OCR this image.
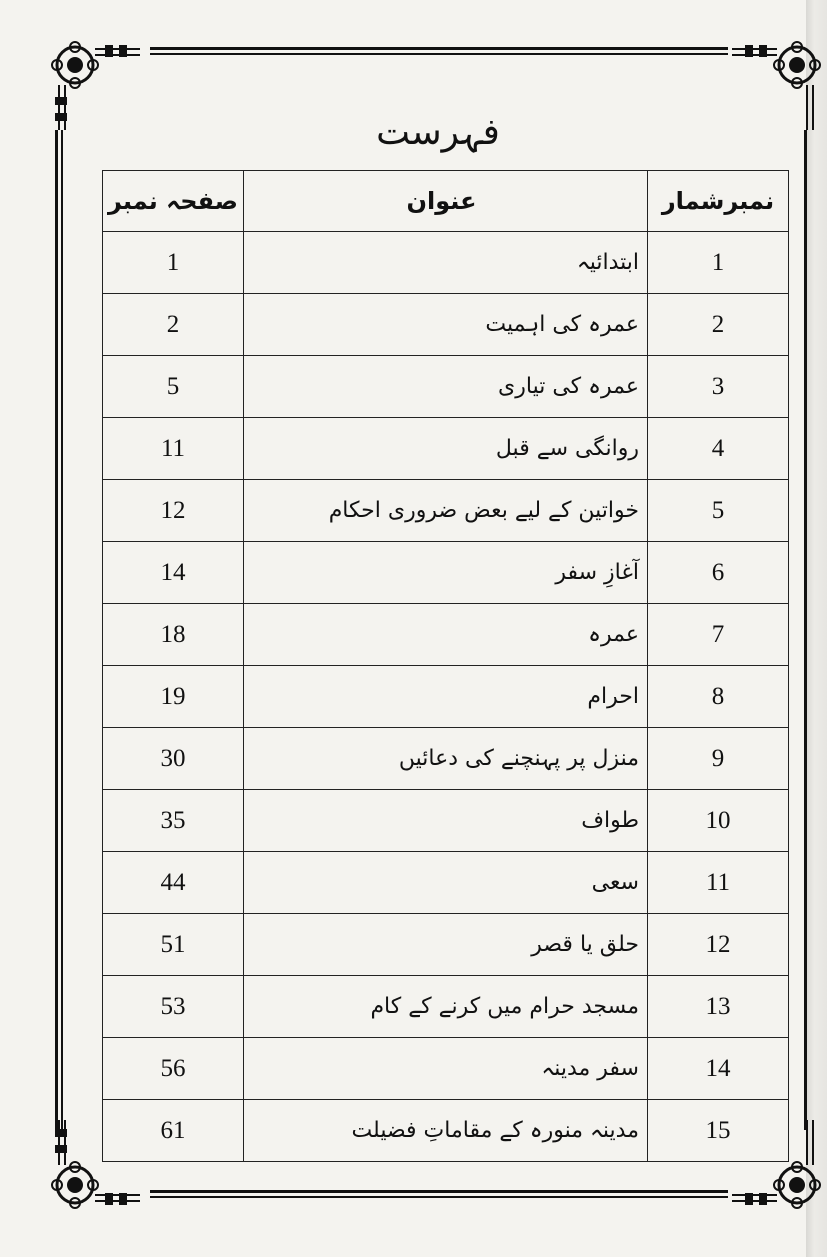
فہرست
نمبرشمار	عنوان	صفحہ نمبر
1	ابتدائیہ	1
2	عمرہ کی اہمیت	2
3	عمرہ کی تیاری	5
4	روانگی سے قبل	11
5	خواتین کے لیے بعض ضروری احکام	12
6	آغازِ سفر	14
7	عمرہ	18
8	احرام	19
9	منزل پر پہنچنے کی دعائیں	30
10	طواف	35
11	سعی	44
12	حلق یا قصر	51
13	مسجد حرام میں کرنے کے کام	53
14	سفر مدینہ	56
15	مدینہ منورہ کے مقاماتِ فضیلت	61
